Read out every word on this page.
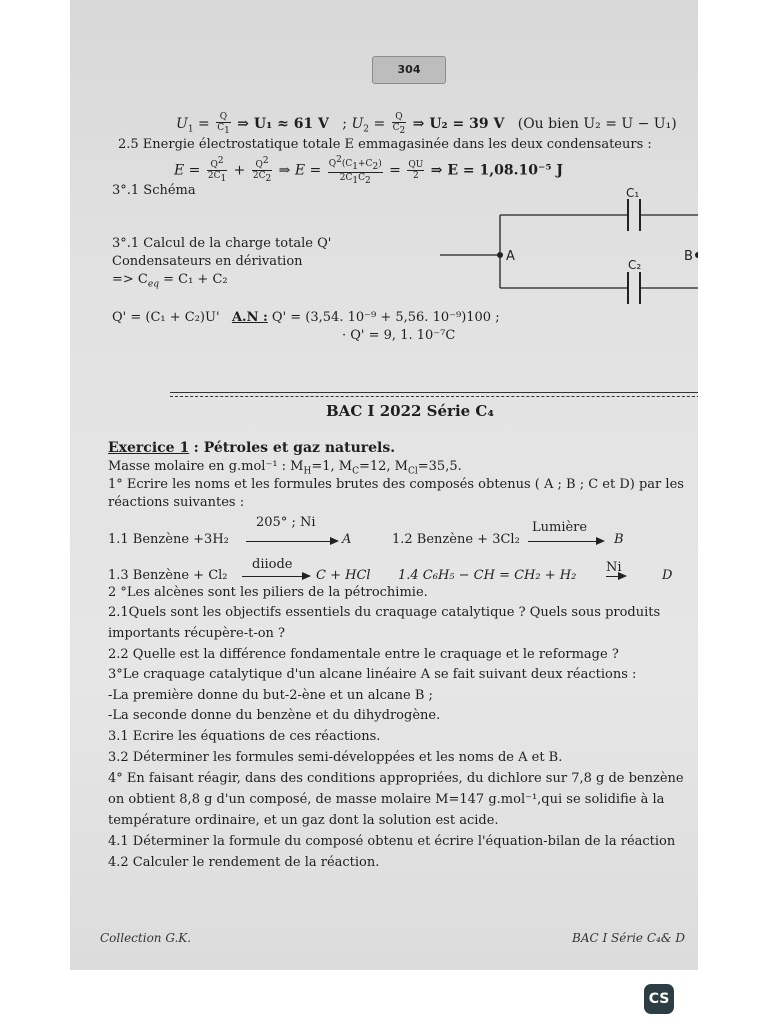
304
$U_1 = \frac{Q}{C_1}$ ⇒ U₁ ≈ 61 V   ; $U_2 = \frac{Q}{C_2}$ ⇒ U₂ = 39 V (Ou bien U₂ = U − U₁)
2.5 Energie électrostatique totale E emmagasinée dans les deux condensateurs :
$E = \frac{Q^2}{2C_1} + \frac{Q^2}{2C_2}$ ⇒ $E = \frac{Q^2(C_1+C_2)}{2C_1C_2} = \frac{QU}{2}$ ⇒ E = 1,08.10⁻⁵ J
3°.1 Schéma	C₁
C₂
A	B
3°.1 Calcul de la charge totale Q'
Condensateurs en dérivation
=> $C_{eq} = C_1 + C_2$
Q' = (C₁ + C₂)U' A.N : Q' = (3,54. 10⁻⁹ + 5,56. 10⁻⁹)100 ;
· Q' = 9, 1. 10⁻⁷C
BAC I 2022 Série C₄
Exercice 1 : Pétroles et gaz naturels.
Masse molaire en g.mol⁻¹ : $M_H=1$, $M_C=12$, $M_{Cl}=35,5$.
1° Ecrire les noms et les formules brutes des composés obtenus ( A ; B ; C et D) par les
réactions suivantes :
1.1 Benzène +3H₂
205° ; Ni
A	1.2 Benzène + 3Cl₂
Lumière
B
1.3 Benzène + Cl₂
diiode
C + HCl 1.4 C₆H₅ − CH = CH₂ + H₂
Ni
D
2 °Les alcènes sont les piliers de la pétrochimie.
2.1Quels sont les objectifs essentiels du craquage catalytique ? Quels sous produits
importants récupère-t-on ?
2.2 Quelle est la différence fondamentale entre le craquage et le reformage ?
3°Le craquage catalytique d'un alcane linéaire A se fait suivant deux réactions :
-La première donne du but-2-ène et un alcane B ;
-La seconde donne du benzène et du dihydrogène.
3.1 Ecrire les équations de ces réactions.
3.2 Déterminer les formules semi-développées et les noms de A et B.
4° En faisant réagir, dans des conditions appropriées, du dichlore sur 7,8 g de benzène
on obtient 8,8 g d'un composé, de masse molaire M=147 g.mol⁻¹,qui se solidifie à la
température ordinaire, et un gaz dont la solution est acide.
4.1 Déterminer la formule du composé obtenu et écrire l'équation-bilan de la réaction
4.2 Calculer le rendement de la réaction.
Collection G.K.	BAC I Série C₄& D
CS
